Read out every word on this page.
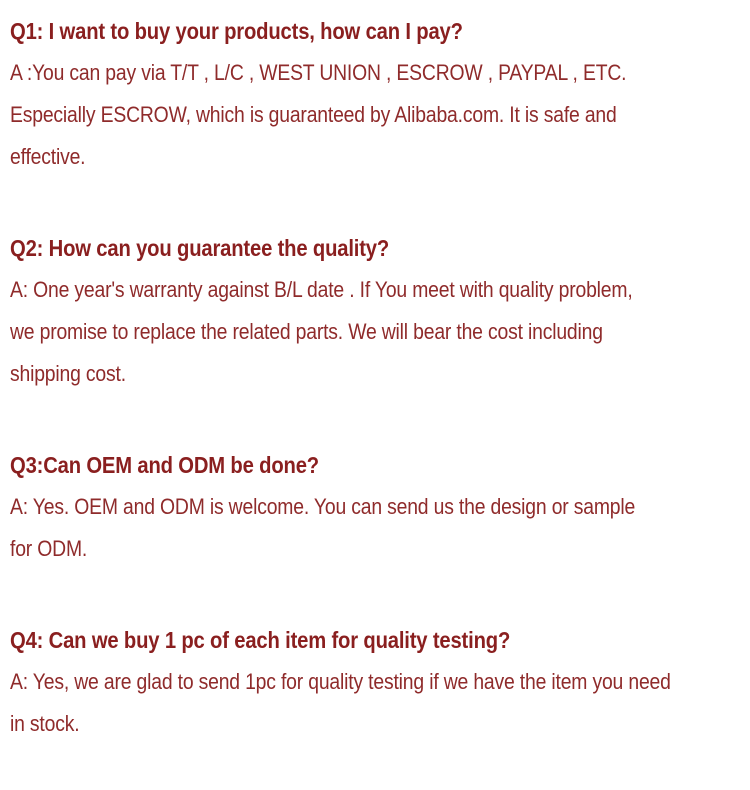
Q1: I want to buy your products, how can I pay?
A :You can pay via T/T , L/C , WEST UNION , ESCROW , PAYPAL , ETC.
Especially ESCROW, which is guaranteed by Alibaba.com. It is safe and
effective.
Q2: How can you guarantee the quality?
A: One year's warranty against B/L date . If You meet with quality problem,
we promise to replace the related parts. We will bear the cost including
shipping cost.
Q3:Can OEM and ODM be done?
A: Yes. OEM and ODM is welcome. You can send us the design or sample
for ODM.
Q4: Can we buy 1 pc of each item for quality testing?
A: Yes, we are glad to send 1pc for quality testing if we have the item you need
in stock.
